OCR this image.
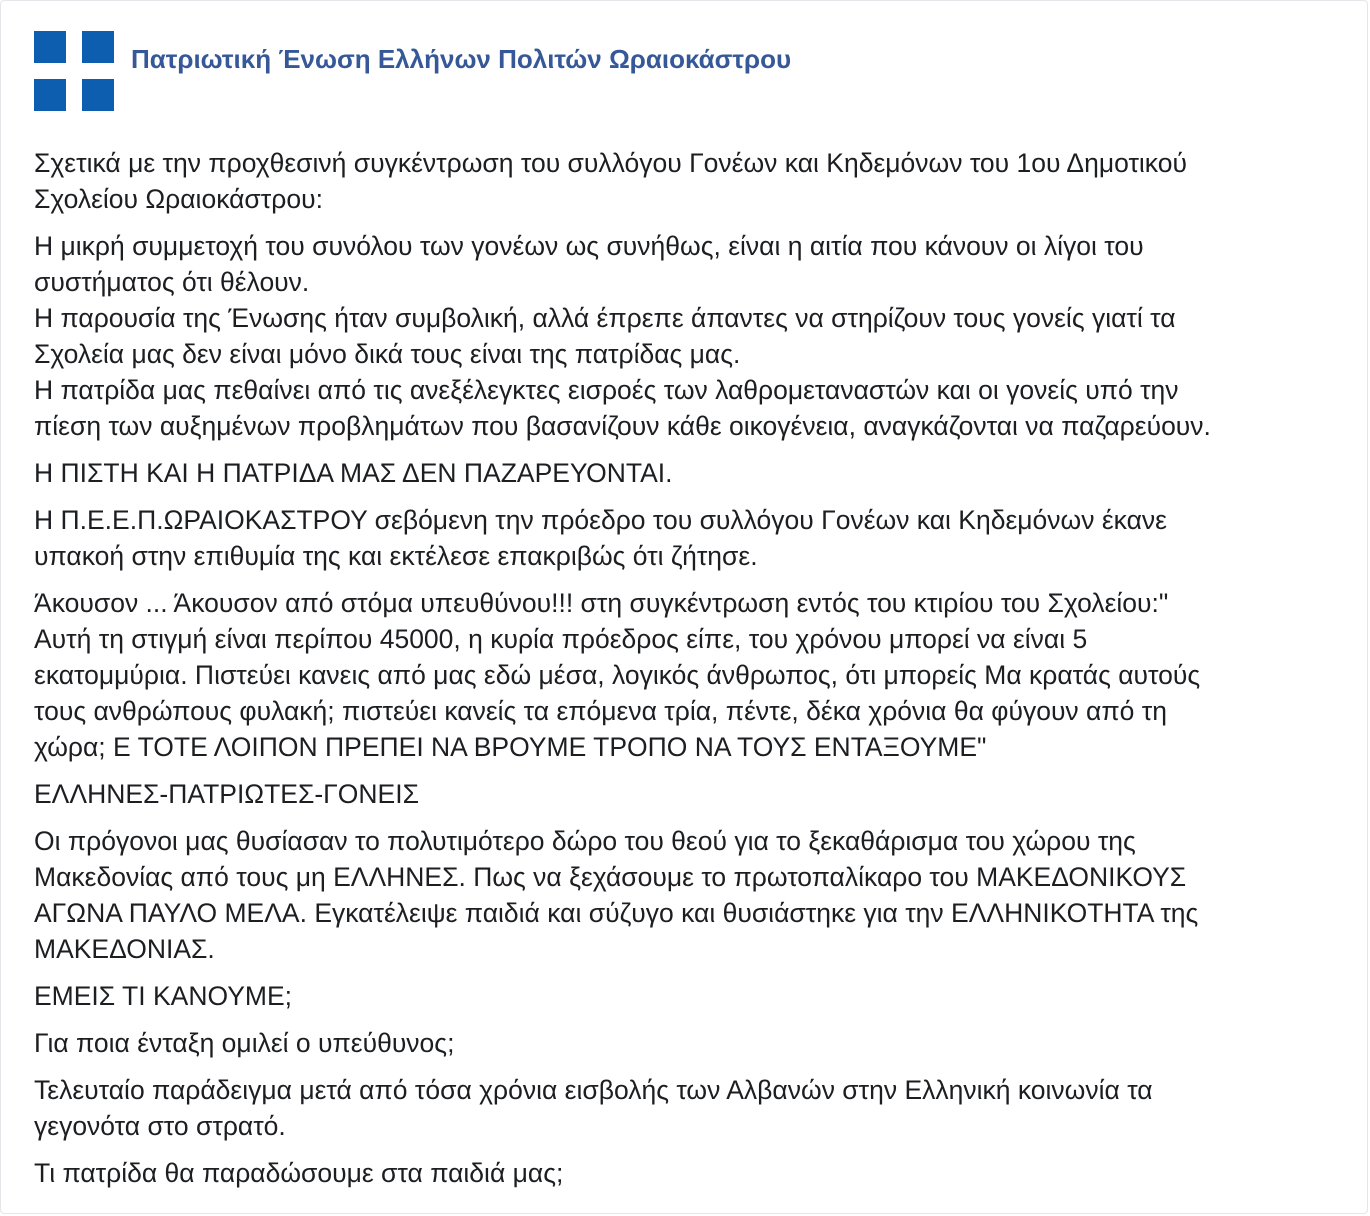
Πατριωτική Ένωση Ελλήνων Πολιτών Ωραιοκάστρου

Σχετικά με την προχθεσινή συγκέντρωση του συλλόγου Γονέων και Κηδεμόνων του 1ου Δημοτικού
Σχολείου Ωραιοκάστρου:

Η μικρή συμμετοχή του συνόλου των γονέων ως συνήθως, είναι η αιτία που κάνουν οι λίγοι του
συστήματος ότι θέλουν.
Η παρουσία της Ένωσης ήταν συμβολική, αλλά έπρεπε άπαντες να στηρίζουν τους γονείς γιατί τα
Σχολεία μας δεν είναι μόνο δικά τους είναι της πατρίδας μας.
Η πατρίδα μας πεθαίνει από τις ανεξέλεγκτες εισροές των λαθρομεταναστών και οι γονείς υπό την
πίεση των αυξημένων προβλημάτων που βασανίζουν κάθε οικογένεια, αναγκάζονται να παζαρεύουν.

Η ΠΙΣΤΗ ΚΑΙ Η ΠΑΤΡΙΔΑ ΜΑΣ ΔΕΝ ΠΑΖΑΡΕΥΟΝΤΑΙ.

Η Π.Ε.Ε.Π.ΩΡΑΙΟΚΑΣΤΡΟΥ σεβόμενη την πρόεδρο του συλλόγου Γονέων και Κηδεμόνων έκανε
υπακοή στην επιθυμία της και εκτέλεσε επακριβώς ότι ζήτησε.

Άκουσον ... Άκουσον από στόμα υπευθύνου!!! στη συγκέντρωση εντός του κτιρίου του Σχολείου:"
Αυτή τη στιγμή είναι περίπου 45000, η κυρία πρόεδρος είπε, του χρόνου μπορεί να είναι 5
εκατομμύρια. Πιστεύει κανεις από μας εδώ μέσα, λογικός άνθρωπος, ότι μπορείς Μα κρατάς αυτούς
τους ανθρώπους φυλακή; πιστεύει κανείς τα επόμενα τρία, πέντε, δέκα χρόνια θα φύγουν από τη
χώρα; Ε ΤΟΤΕ ΛΟΙΠΟΝ ΠΡΕΠΕΙ ΝΑ ΒΡΟΥΜΕ ΤΡΟΠΟ ΝΑ ΤΟΥΣ ΕΝΤΑΞΟΥΜΕ"

ΕΛΛΗΝΕΣ-ΠΑΤΡΙΩΤΕΣ-ΓΟΝΕΙΣ

Οι πρόγονοι μας θυσίασαν το πολυτιμότερο δώρο του θεού για το ξεκαθάρισμα του χώρου της
Μακεδονίας από τους μη ΕΛΛΗΝΕΣ. Πως να ξεχάσουμε το πρωτοπαλίκαρο του ΜΑΚΕΔΟΝΙΚΟΥΣ
ΑΓΩΝΑ ΠΑΥΛΟ ΜΕΛΑ. Εγκατέλειψε παιδιά και σύζυγο και θυσιάστηκε για την ΕΛΛΗΝΙΚΟΤΗΤΑ της
ΜΑΚΕΔΟΝΙΑΣ.

ΕΜΕΙΣ ΤΙ ΚΑΝΟΥΜΕ;

Για ποια ένταξη ομιλεί ο υπεύθυνος;

Τελευταίο παράδειγμα μετά από τόσα χρόνια εισβολής των Αλβανών στην Ελληνική κοινωνία τα
γεγονότα στο στρατό.

Τι πατρίδα θα παραδώσουμε στα παιδιά μας;
